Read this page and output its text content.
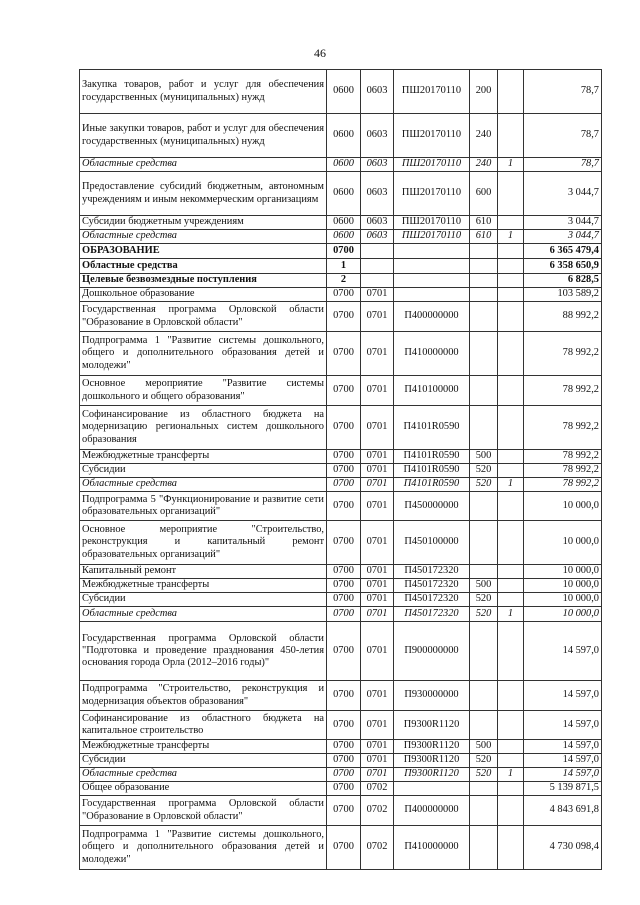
46
Закупка товаров, работ и услуг для обеспечения государственных (муниципальных) нужд	0600	0603	ПШ20170110	200		78,7
Иные закупки товаров, работ и услуг для обеспечения государственных (муниципальных) нужд	0600	0603	ПШ20170110	240		78,7
Областные средства	0600	0603	ПШ20170110	240	1	78,7
Предоставление субсидий бюджетным, автономным учреждениям и иным некоммерческим организациям	0600	0603	ПШ20170110	600		3 044,7
Субсидии бюджетным учреждениям	0600	0603	ПШ20170110	610		3 044,7
Областные средства	0600	0603	ПШ20170110	610	1	3 044,7
ОБРАЗОВАНИЕ	0700					6 365 479,4
Областные средства	1					6 358 650,9
Целевые безвозмездные поступления	2					6 828,5
Дошкольное образование	0700	0701				103 589,2
Государственная программа Орловской области "Образование в Орловской области"	0700	0701	П400000000			88 992,2
Подпрограмма 1 "Развитие системы дошкольного, общего и дополнительного образования детей и молодежи"	0700	0701	П410000000			78 992,2
Основное мероприятие "Развитие системы дошкольного и общего образования"	0700	0701	П410100000			78 992,2
Софинансирование из областного бюджета на модернизацию региональных систем дошкольного образования	0700	0701	П4101R0590			78 992,2
Межбюджетные трансферты	0700	0701	П4101R0590	500		78 992,2
Субсидии	0700	0701	П4101R0590	520		78 992,2
Областные средства	0700	0701	П4101R0590	520	1	78 992,2
Подпрограмма 5 "Функционирование и развитие сети образовательных организаций"	0700	0701	П450000000			10 000,0
Основное мероприятие "Строительство, реконструкция и капитальный ремонт образовательных организаций"	0700	0701	П450100000			10 000,0
Капитальный ремонт	0700	0701	П450172320			10 000,0
Межбюджетные трансферты	0700	0701	П450172320	500		10 000,0
Субсидии	0700	0701	П450172320	520		10 000,0
Областные средства	0700	0701	П450172320	520	1	10 000,0
Государственная программа Орловской области "Подготовка и проведение празднования 450-летия основания города Орла (2012–2016 годы)"	0700	0701	П900000000			14 597,0
Подпрограмма "Строительство, реконструкция и модернизация объектов образования"	0700	0701	П930000000			14 597,0
Софинансирование из областного бюджета на капитальное строительство	0700	0701	П9300R1120			14 597,0
Межбюджетные трансферты	0700	0701	П9300R1120	500		14 597,0
Субсидии	0700	0701	П9300R1120	520		14 597,0
Областные средства	0700	0701	П9300R1120	520	1	14 597,0
Общее образование	0700	0702				5 139 871,5
Государственная программа Орловской области "Образование в Орловской области"	0700	0702	П400000000			4 843 691,8
Подпрограмма 1 "Развитие системы дошкольного, общего и дополнительного образования детей и молодежи"	0700	0702	П410000000			4 730 098,4
